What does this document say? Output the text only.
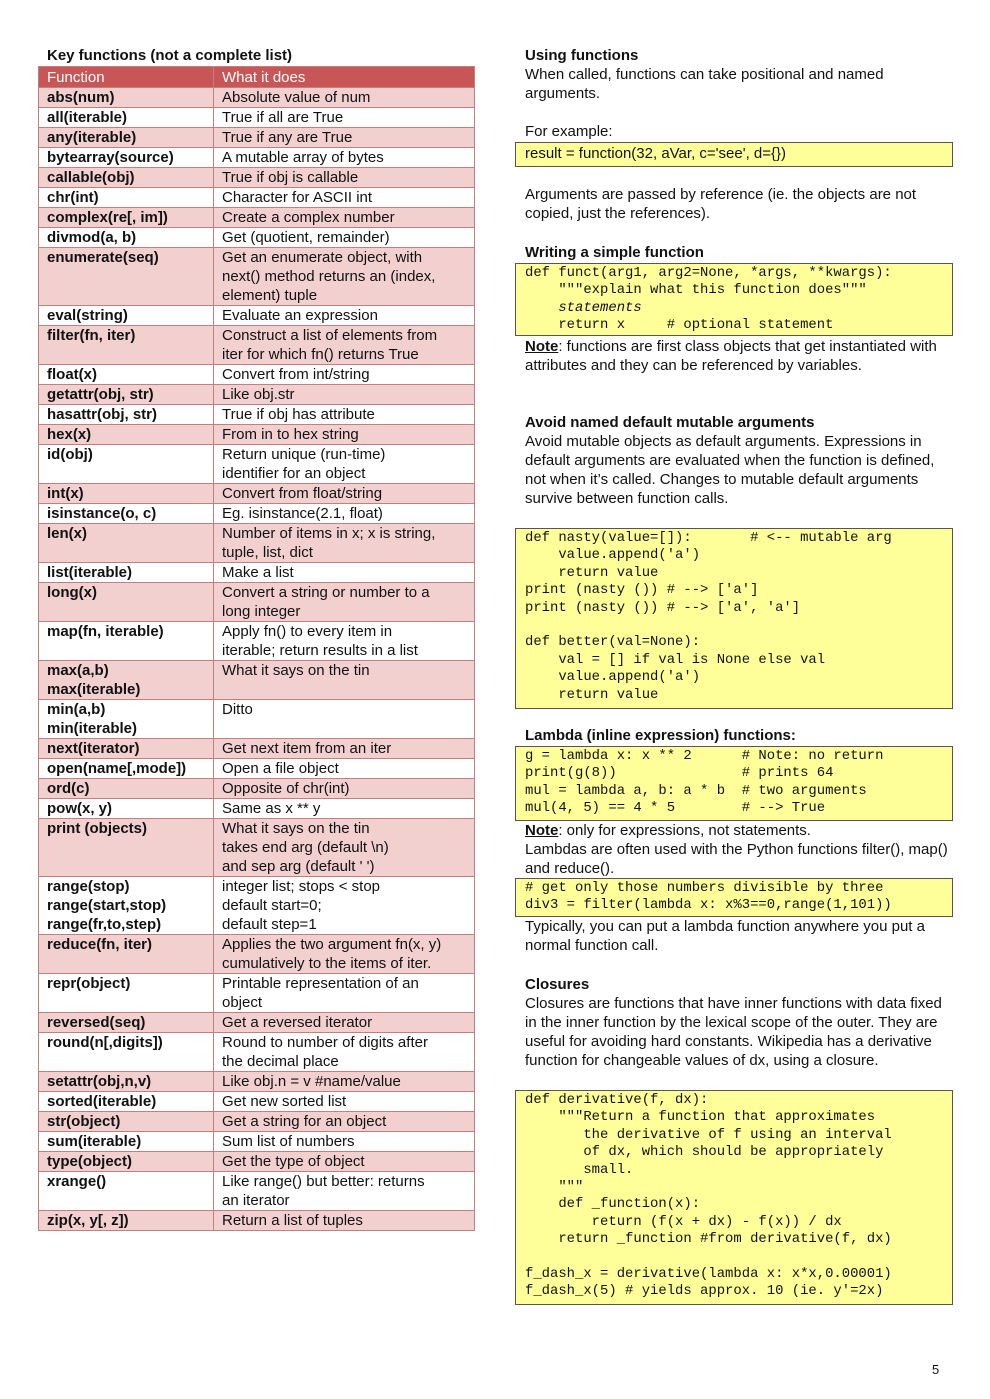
Key functions (not a complete list)
Function	What it does
abs(num)	Absolute value of num
all(iterable)	True if all are True
any(iterable)	True if any are True
bytearray(source)	A mutable array of bytes
callable(obj)	True if obj is callable
chr(int)	Character for ASCII int
complex(re[, im])	Create a complex number
divmod(a, b)	Get (quotient, remainder)
enumerate(seq)	Get an enumerate object, with
next() method returns an (index,
element) tuple
eval(string)	Evaluate an expression
filter(fn, iter)	Construct a list of elements from
iter for which fn() returns True
float(x)	Convert from int/string
getattr(obj, str)	Like obj.str
hasattr(obj, str)	True if obj has attribute
hex(x)	From in to hex string
id(obj)	Return unique (run-time)
identifier for an object
int(x)	Convert from float/string
isinstance(o, c)	Eg. isinstance(2.1, float)
len(x)	Number of items in x; x is string,
tuple, list, dict
list(iterable)	Make a list
long(x)	Convert a string or number to a
long integer
map(fn, iterable)	Apply fn() to every item in
iterable; return results in a list
max(a,b)
max(iterable)	What it says on the tin
min(a,b)
min(iterable)	Ditto
next(iterator)	Get next item from an iter
open(name[,mode])	Open a file object
ord(c)	Opposite of chr(int)
pow(x, y)	Same as x ** y
print (objects)	What it says on the tin
takes end arg (default \n)
and sep arg (default ' ')
range(stop)
range(start,stop)
range(fr,to,step)	integer list; stops < stop
default start=0;
default step=1
reduce(fn, iter)	Applies the two argument fn(x, y)
cumulatively to the items of iter.
repr(object)	Printable representation of an
object
reversed(seq)	Get a reversed iterator
round(n[,digits])	Round to number of digits after
the decimal place
setattr(obj,n,v)	Like obj.n = v #name/value
sorted(iterable)	Get new sorted list
str(object)	Get a string for an object
sum(iterable)	Sum list of numbers
type(object)	Get the type of object
xrange()	Like range() but better: returns
an iterator
zip(x, y[, z])	Return a list of tuples
Using functions
When called, functions can take positional and named arguments.
For example:
result = function(32, aVar, c='see', d={})
Arguments are passed by reference (ie. the objects are not copied, just the references).
Writing a simple function
def funct(arg1, arg2=None, *args, **kwargs):
"""explain what this function does"""
statements
return x     # optional statement
Note: functions are first class objects that get instantiated with attributes and they can be referenced by variables.
Avoid named default mutable arguments
Avoid mutable objects as default arguments. Expressions in default arguments are evaluated when the function is defined, not when it’s called. Changes to mutable default arguments survive between function calls.
def nasty(value=[]):       # <-- mutable arg
value.append('a')
return value
print (nasty ()) # --> ['a']
print (nasty ()) # --> ['a', 'a']

def better(val=None):
val = [] if val is None else val
value.append('a')
return value
Lambda (inline expression) functions:
g = lambda x: x ** 2      # Note: no return
print(g(8))               # prints 64
mul = lambda a, b: a * b  # two arguments
mul(4, 5) == 4 * 5        # --> True
Note: only for expressions, not statements.
Lambdas are often used with the Python functions filter(), map() and reduce().
# get only those numbers divisible by three
div3 = filter(lambda x: x%3==0,range(1,101))
Typically, you can put a lambda function anywhere you put a normal function call.
Closures
Closures are functions that have inner functions with data fixed in the inner function by the lexical scope of the outer. They are useful for avoiding hard constants. Wikipedia has a derivative function for changeable values of dx, using a closure.
def derivative(f, dx):
"""Return a function that approximates
the derivative of f using an interval
of dx, which should be appropriately
small.
"""
def _function(x):
return (f(x + dx) - f(x)) / dx
return _function #from derivative(f, dx)

f_dash_x = derivative(lambda x: x*x,0.00001)
f_dash_x(5) # yields approx. 10 (ie. y'=2x)
5
